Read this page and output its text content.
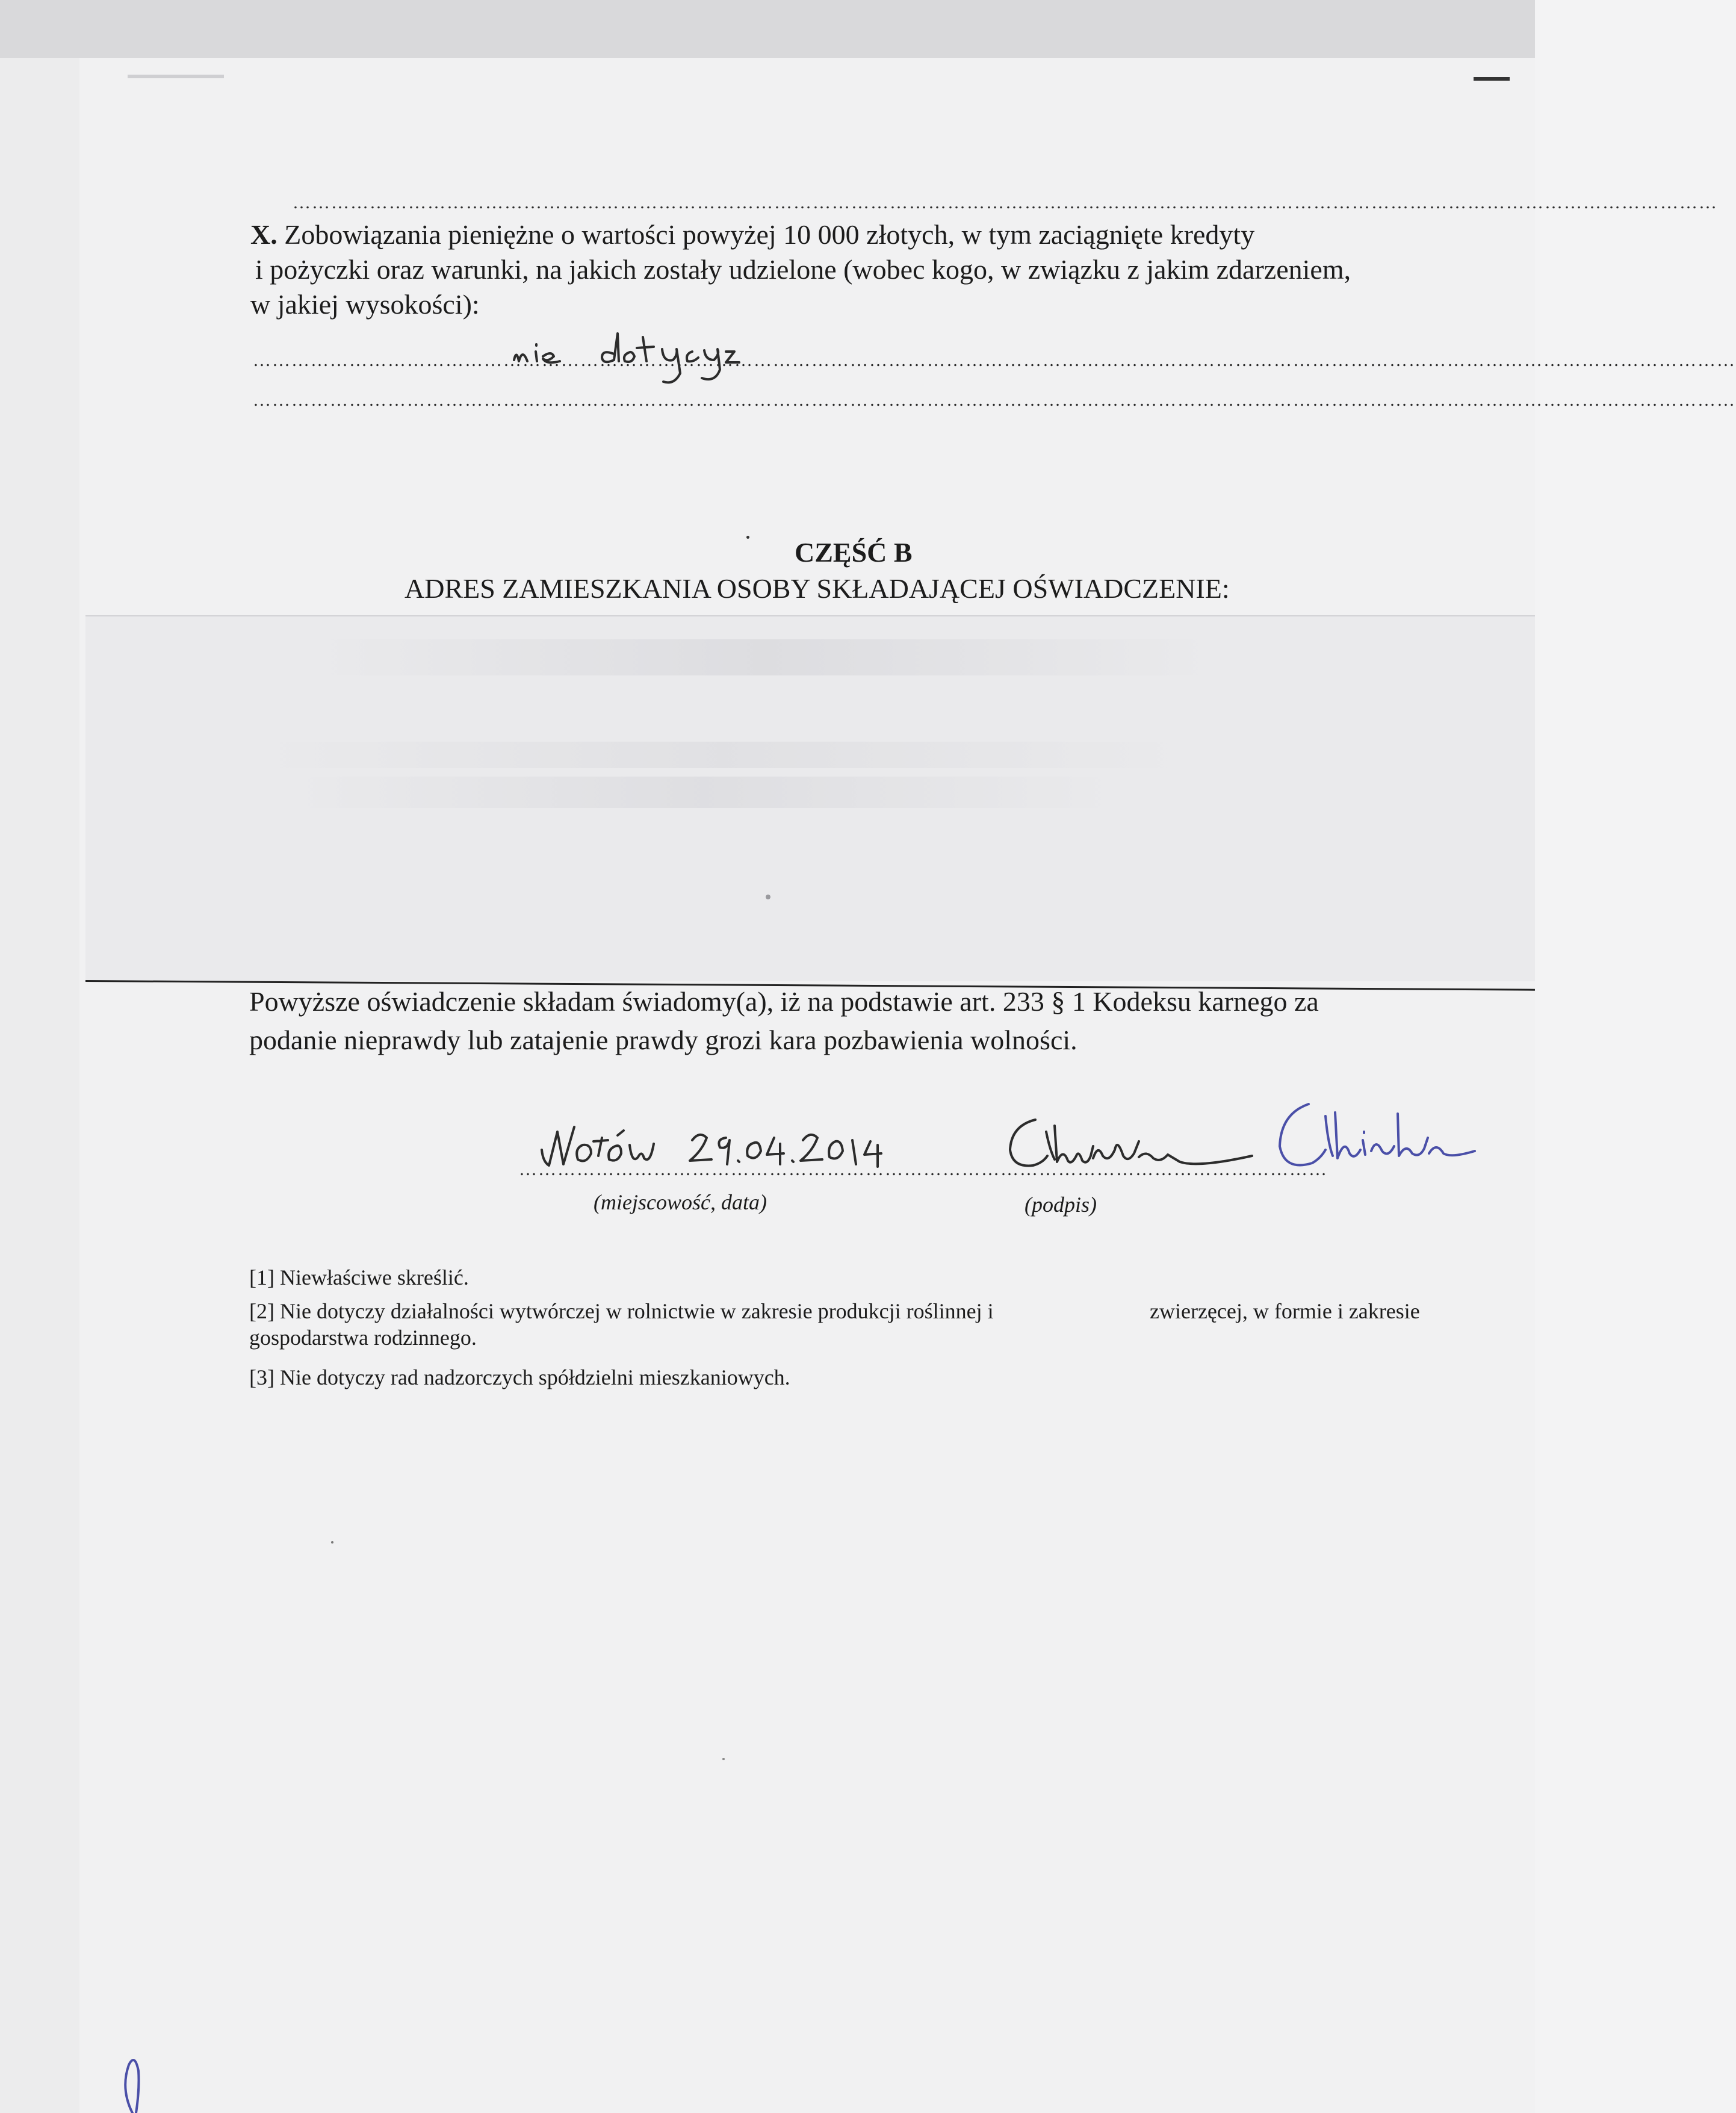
……………………………………………………………………………………………………………………………………………………………………………………………………
X. Zobowiązania pieniężne o wartości powyżej 10 000 złotych, w tym zaciągnięte kredyty
i pożyczki oraz warunki, na jakich zostały udzielone (wobec kogo, w związku z jakim zdarzeniem,
w jakiej wysokości):
……………………………………………………………………………………………………………………………………………………………………………………………………………
……………………………………………………………………………………………………………………………………………………………………………………………………………
CZĘŚĆ B
ADRES ZAMIESZKANIA OSOBY SKŁADAJĄCEJ OŚWIADCZENIE:
Powyższe oświadczenie składam świadomy(a), iż na podstawie art. 233 § 1 Kodeksu karnego za
podanie nieprawdy lub zatajenie prawdy grozi kara pozbawienia wolności.
………………………………………………………………………………………………………………
(miejscowość, data)	(podpis)
[1] Niewłaściwe skreślić.
[2] Nie dotyczy działalności wytwórczej w rolnictwie w zakresie produkcji roślinnej i	zwierzęcej, w formie i zakresie
gospodarstwa rodzinnego.
[3] Nie dotyczy rad nadzorczych spółdzielni mieszkaniowych.
